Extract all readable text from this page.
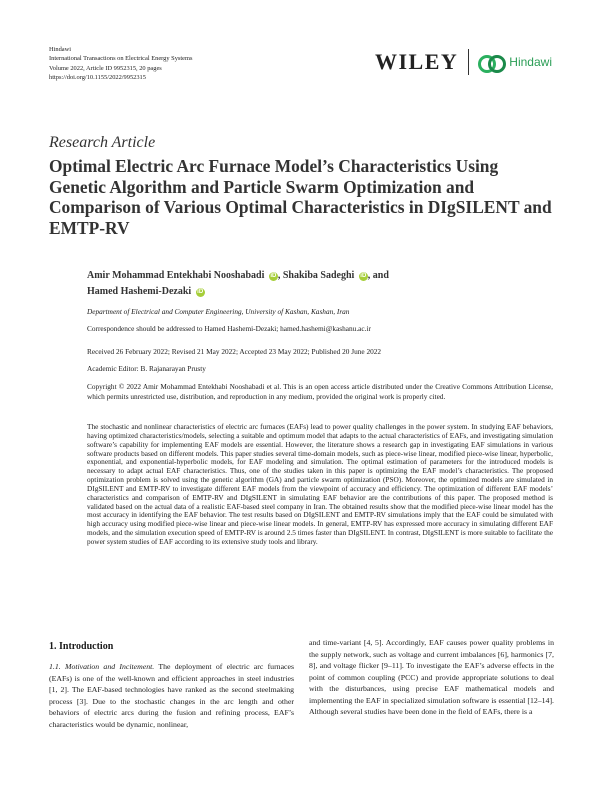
Hindawi
International Transactions on Electrical Energy Systems
Volume 2022, Article ID 9952315, 20 pages
https://doi.org/10.1155/2022/9952315
WILEY	Hindawi
Research Article
Optimal Electric Arc Furnace Model’s Characteristics Using Genetic Algorithm and Particle Swarm Optimization and Comparison of Various Optimal Characteristics in DIgSILENT and EMTP-RV
Amir Mohammad Entekhabi Nooshabadi iD , Shakiba Sadeghi iD , and
Hamed Hashemi-Dezaki iD
Department of Electrical and Computer Engineering, University of Kashan, Kashan, Iran
Correspondence should be addressed to Hamed Hashemi-Dezaki; hamed.hashemi@kashanu.ac.ir
Received 26 February 2022; Revised 21 May 2022; Accepted 23 May 2022; Published 20 June 2022
Academic Editor: B. Rajanarayan Prusty
Copyright © 2022 Amir Mohammad Entekhabi Nooshabadi et al. This is an open access article distributed under the Creative Commons Attribution License, which permits unrestricted use, distribution, and reproduction in any medium, provided the original work is properly cited.

The stochastic and nonlinear characteristics of electric arc furnaces (EAFs) lead to power quality challenges in the power system. In studying EAF behaviors, having optimized characteristics/models, selecting a suitable and optimum model that adapts to the actual characteristics of EAFs, and investigating simulation software’s capability for implementing EAF models are essential. However, the literature shows a research gap in investigating EAF simulations in various software products based on different models. This paper studies several time-domain models, such as piece-wise linear, modified piece-wise linear, hyperbolic, exponential, and exponential-hyperbolic models, for EAF modeling and simulation. The optimal estimation of parameters for the introduced models is necessary to adapt actual EAF characteristics. Thus, one of the studies taken in this paper is optimizing the EAF model’s characteristics. The proposed optimization problem is solved using the genetic algorithm (GA) and particle swarm optimization (PSO). Moreover, the optimized models are simulated in DIgSILENT and EMTP-RV to investigate different EAF models from the viewpoint of accuracy and efficiency. The optimization of different EAF models’ characteristics and comparison of EMTP-RV and DIgSILENT in simulating EAF behavior are the contributions of this paper. The proposed method is validated based on the actual data of a realistic EAF-based steel company in Iran. The obtained results show that the modified piece-wise linear model has the most accuracy in identifying the EAF behavior. The test results based on DIgSILENT and EMTP-RV simulations imply that the EAF could be simulated with high accuracy using modified piece-wise linear and piece-wise linear models. In general, EMTP-RV has expressed more accuracy in simulating different EAF models, and the simulation execution speed of EMTP-RV is around 2.5 times faster than DIgSILENT. In contrast, DIgSILENT is more suitable to facilitate the power system studies of EAF according to its extensive study tools and library.

1. Introduction

1.1. Motivation and Incitement. The deployment of electric arc furnaces (EAFs) is one of the well-known and efficient approaches in steel industries [1, 2]. The EAF-based technologies have ranked as the second steelmaking process [3]. Due to the stochastic changes in the arc length and other behaviors of electric arcs during the fusion and refining process, EAF’s characteristics would be dynamic, nonlinear,

and time-variant [4, 5]. Accordingly, EAF causes power quality problems in the supply network, such as voltage and current imbalances [6], harmonics [7, 8], and voltage flicker [9–11]. To investigate the EAF’s adverse effects in the point of common coupling (PCC) and provide appropriate solutions to deal with the disturbances, using precise EAF mathematical models and implementing the EAF in specialized simulation software is essential [12–14]. Although several studies have been done in the field of EAFs, there is a
